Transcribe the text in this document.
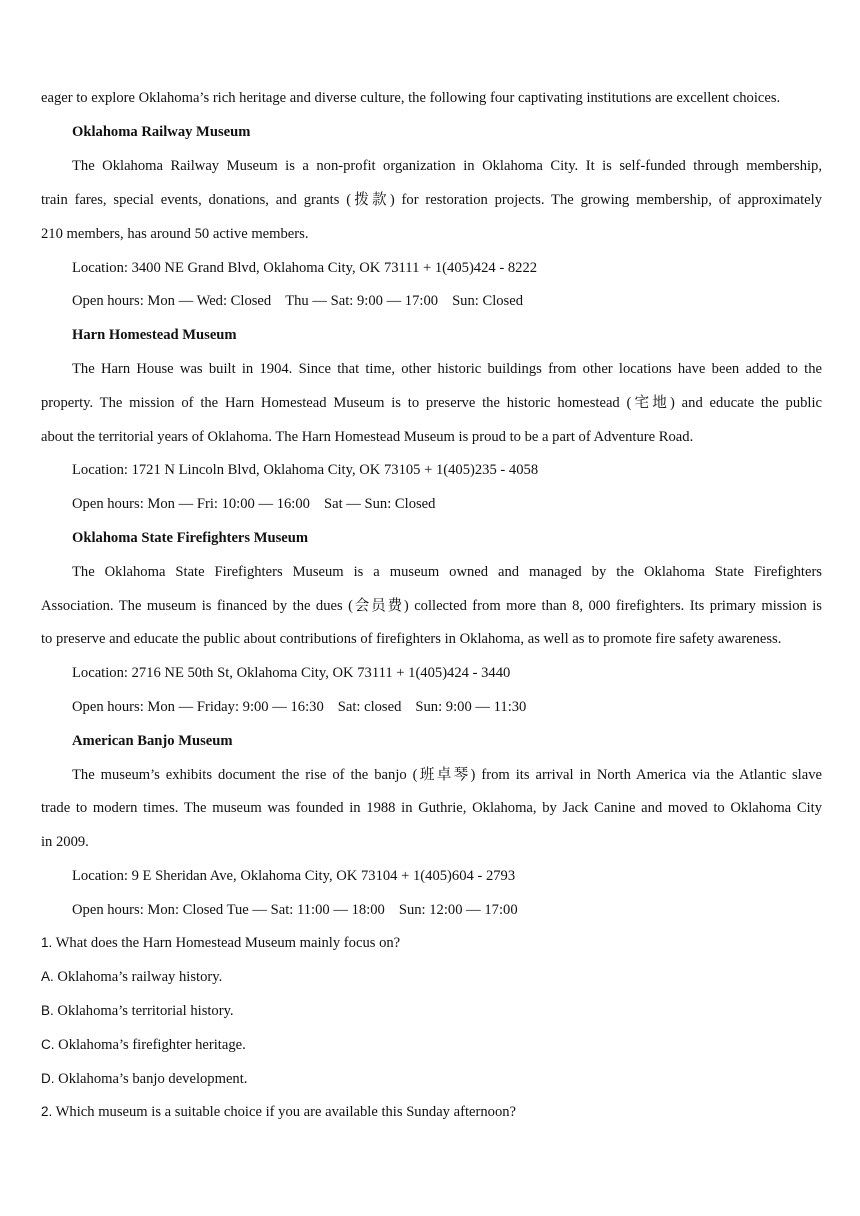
eager to explore Oklahoma’s rich heritage and diverse culture, the following four captivating institutions are excellent choices.
Oklahoma Railway Museum
The Oklahoma Railway Museum is a non-profit organization in Oklahoma City. It is self-funded through membership,
train fares, special events, donations, and grants (拨款) for restoration projects. The growing membership, of approximately
210 members, has around 50 active members.
Location: 3400 NE Grand Blvd, Oklahoma City, OK 73111 + 1(405)424 - 8222
Open hours: Mon — Wed: Closed Thu — Sat: 9:00 — 17:00 Sun: Closed
Harn Homestead Museum
The Harn House was built in 1904. Since that time, other historic buildings from other locations have been added to the
property. The mission of the Harn Homestead Museum is to preserve the historic homestead (宅地) and educate the public
about the territorial years of Oklahoma. The Harn Homestead Museum is proud to be a part of Adventure Road.
Location: 1721 N Lincoln Blvd, Oklahoma City, OK 73105 + 1(405)235 - 4058
Open hours: Mon — Fri: 10:00 — 16:00 Sat — Sun: Closed
Oklahoma State Firefighters Museum
The Oklahoma State Firefighters Museum is a museum owned and managed by the Oklahoma State Firefighters
Association. The museum is financed by the dues (会员费) collected from more than 8, 000 firefighters. Its primary mission is
to preserve and educate the public about contributions of firefighters in Oklahoma, as well as to promote fire safety awareness.
Location: 2716 NE 50th St, Oklahoma City, OK 73111 + 1(405)424 - 3440
Open hours: Mon — Friday: 9:00 — 16:30 Sat: closed Sun: 9:00 — 11:30
American Banjo Museum
The museum’s exhibits document the rise of the banjo (班卓琴) from its arrival in North America via the Atlantic slave
trade to modern times. The museum was founded in 1988 in Guthrie, Oklahoma, by Jack Canine and moved to Oklahoma City
in 2009.
Location: 9 E Sheridan Ave, Oklahoma City, OK 73104 + 1(405)604 - 2793
Open hours: Mon: Closed Tue — Sat: 11:00 — 18:00 Sun: 12:00 — 17:00
1. What does the Harn Homestead Museum mainly focus on?
A. Oklahoma’s railway history.
B. Oklahoma’s territorial history.
C. Oklahoma’s firefighter heritage.
D. Oklahoma’s banjo development.
2. Which museum is a suitable choice if you are available this Sunday afternoon?
